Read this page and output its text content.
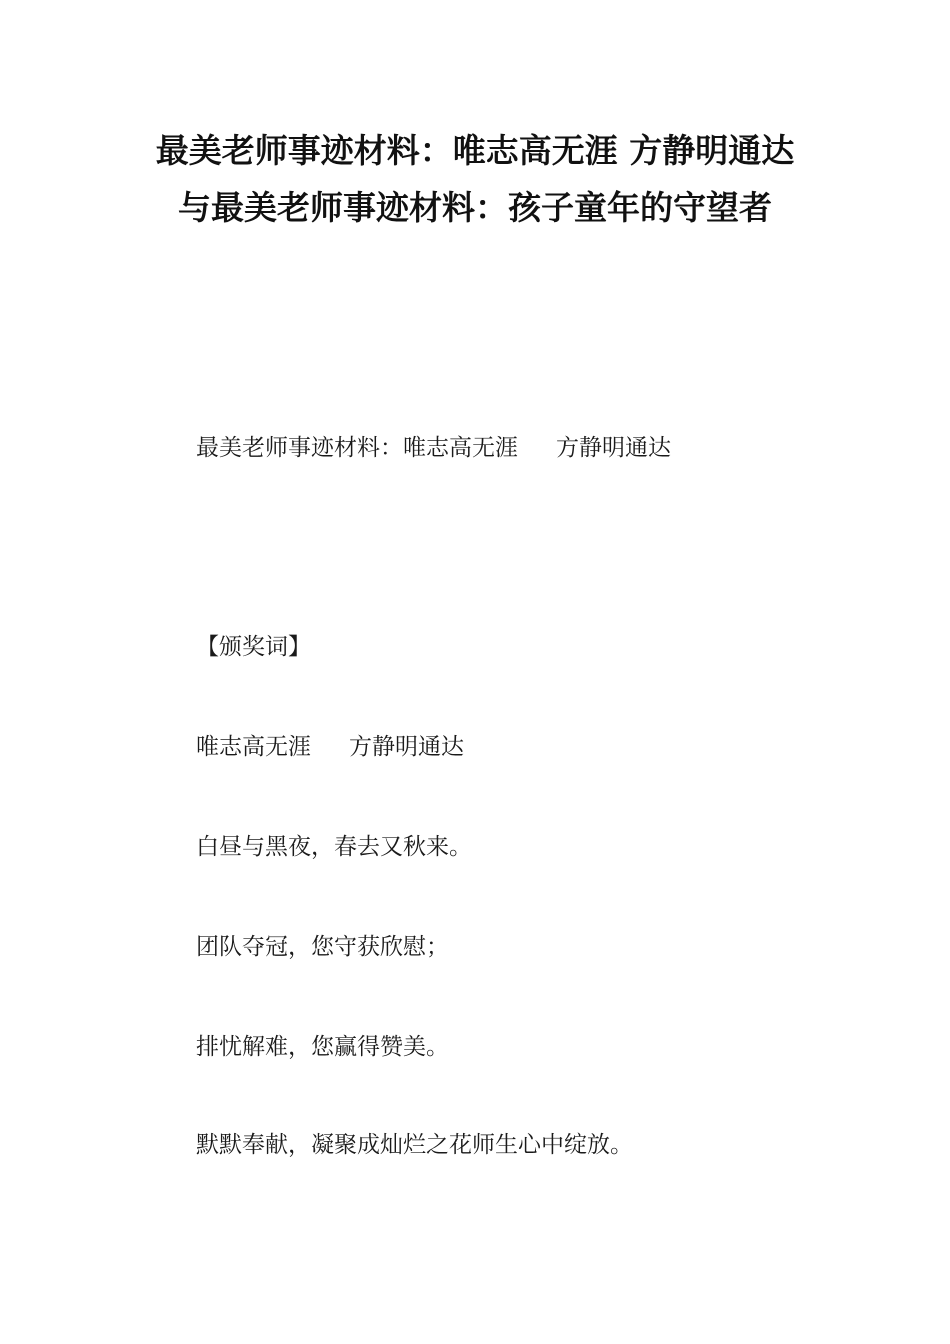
最美老师事迹材料：唯志高无涯 方静明通达与最美老师事迹材料：孩子童年的守望者

最美老师事迹材料：唯志高无涯 方静明通达

【颁奖词】

唯志高无涯 方静明通达

白昼与黑夜，春去又秋来。

团队夺冠，您守获欣慰；

排忧解难，您赢得赞美。

默默奉献，凝聚成灿烂之花师生心中绽放。
